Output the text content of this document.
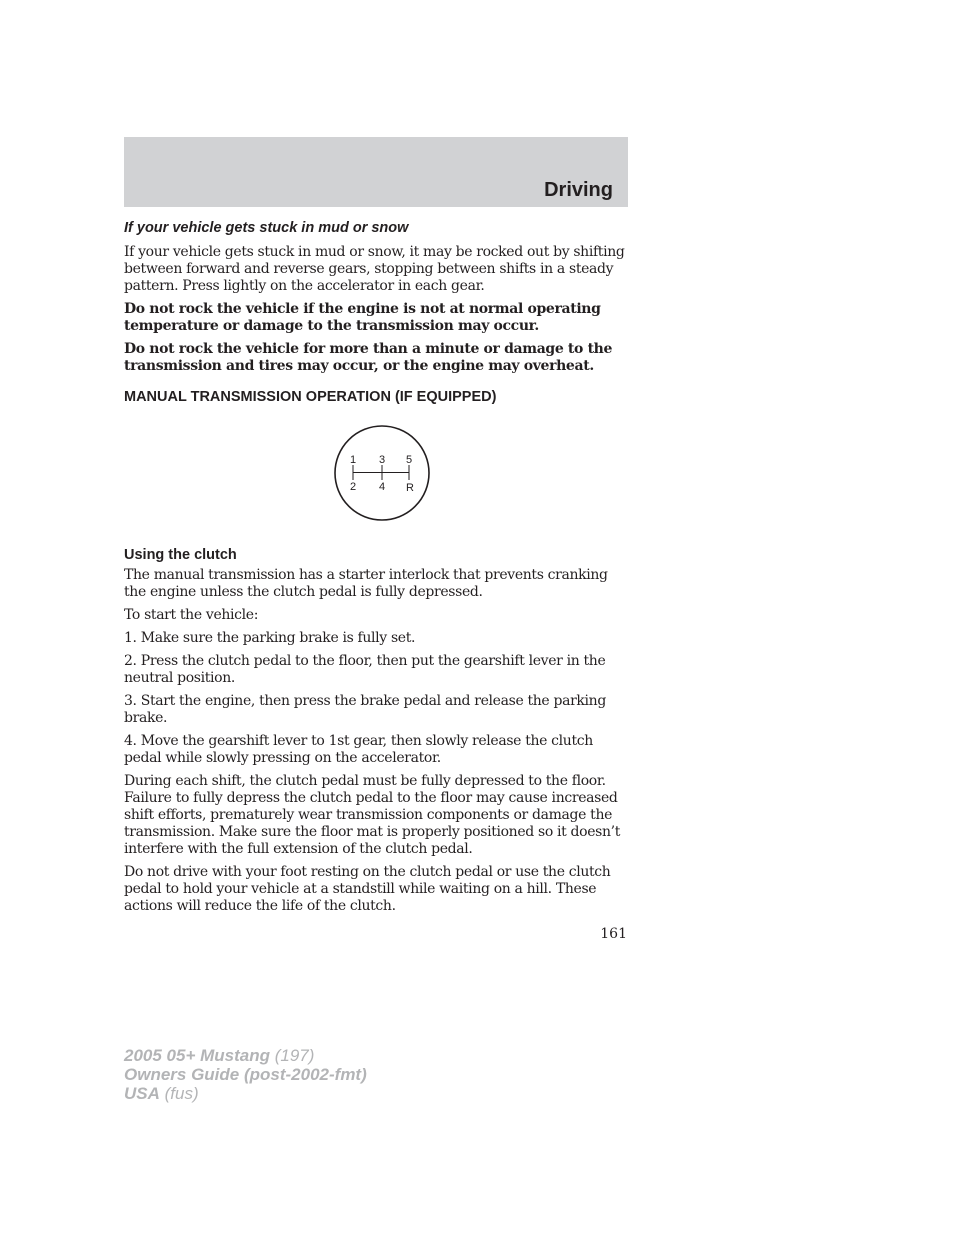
Driving
If your vehicle gets stuck in mud or snow

If your vehicle gets stuck in mud or snow, it may be rocked out by shifting between forward and reverse gears, stopping between shifts in a steady pattern. Press lightly on the accelerator in each gear.

Do not rock the vehicle if the engine is not at normal operating temperature or damage to the transmission may occur.

Do not rock the vehicle for more than a minute or damage to the transmission and tires may occur, or the engine may overheat.

MANUAL TRANSMISSION OPERATION (IF EQUIPPED)
1 3 5
2 4 R
Using the clutch

The manual transmission has a starter interlock that prevents cranking the engine unless the clutch pedal is fully depressed.

To start the vehicle:

1. Make sure the parking brake is fully set.

2. Press the clutch pedal to the floor, then put the gearshift lever in the neutral position.

3. Start the engine, then press the brake pedal and release the parking brake.

4. Move the gearshift lever to 1st gear, then slowly release the clutch pedal while slowly pressing on the accelerator.

During each shift, the clutch pedal must be fully depressed to the floor. Failure to fully depress the clutch pedal to the floor may cause increased shift efforts, prematurely wear transmission components or damage the transmission. Make sure the floor mat is properly positioned so it doesn’t interfere with the full extension of the clutch pedal.

Do not drive with your foot resting on the clutch pedal or use the clutch pedal to hold your vehicle at a standstill while waiting on a hill. These actions will reduce the life of the clutch.

161
2005 05+ Mustang (197)
Owners Guide (post-2002-fmt)
USA (fus)
